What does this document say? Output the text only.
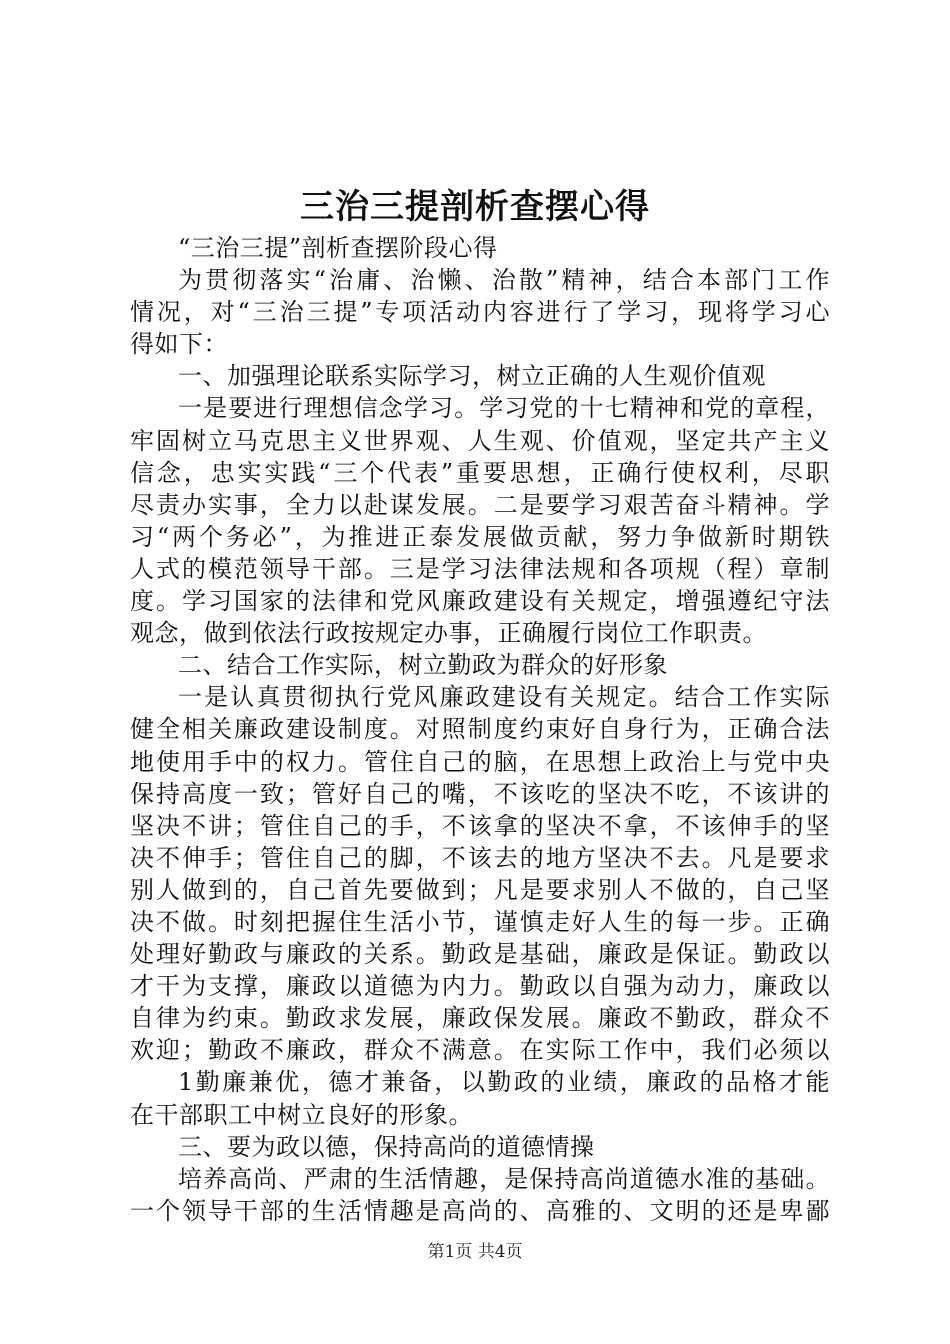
三治三提剖析查摆心得
“三治三提”剖析查摆阶段心得
为贯彻落实“治庸、治懒、治散”精神，结合本部门工作
情况，对“三治三提”专项活动内容进行了学习，现将学习心
得如下：
一、加强理论联系实际学习，树立正确的人生观价值观
一是要进行理想信念学习。学习党的十七精神和党的章程，
牢固树立马克思主义世界观、人生观、价值观，坚定共产主义
信念，忠实实践“三个代表”重要思想，正确行使权利，尽职
尽责办实事，全力以赴谋发展。二是要学习艰苦奋斗精神。学
习“两个务必”，为推进正泰发展做贡献，努力争做新时期铁
人式的模范领导干部。三是学习法律法规和各项规（程）章制
度。学习国家的法律和党风廉政建设有关规定，增强遵纪守法
观念，做到依法行政按规定办事，正确履行岗位工作职责。
二、结合工作实际，树立勤政为群众的好形象
一是认真贯彻执行党风廉政建设有关规定。结合工作实际
健全相关廉政建设制度。对照制度约束好自身行为，正确合法
地使用手中的权力。管住自己的脑，在思想上政治上与党中央
保持高度一致；管好自己的嘴，不该吃的坚决不吃，不该讲的
坚决不讲；管住自己的手，不该拿的坚决不拿，不该伸手的坚
决不伸手；管住自己的脚，不该去的地方坚决不去。凡是要求
别人做到的，自己首先要做到；凡是要求别人不做的，自己坚
决不做。时刻把握住生活小节，谨慎走好人生的每一步。正确
处理好勤政与廉政的关系。勤政是基础，廉政是保证。勤政以
才干为支撑，廉政以道德为内力。勤政以自强为动力，廉政以
自律为约束。勤政求发展，廉政保发展。廉政不勤政，群众不
欢迎；勤政不廉政，群众不满意。在实际工作中，我们必须以
1勤廉兼优，德才兼备，以勤政的业绩，廉政的品格才能
在干部职工中树立良好的形象。
三、要为政以德，保持高尚的道德情操
培养高尚、严肃的生活情趣，是保持高尚道德水准的基础。
一个领导干部的生活情趣是高尚的、高雅的、文明的还是卑鄙
第1页 共4页
